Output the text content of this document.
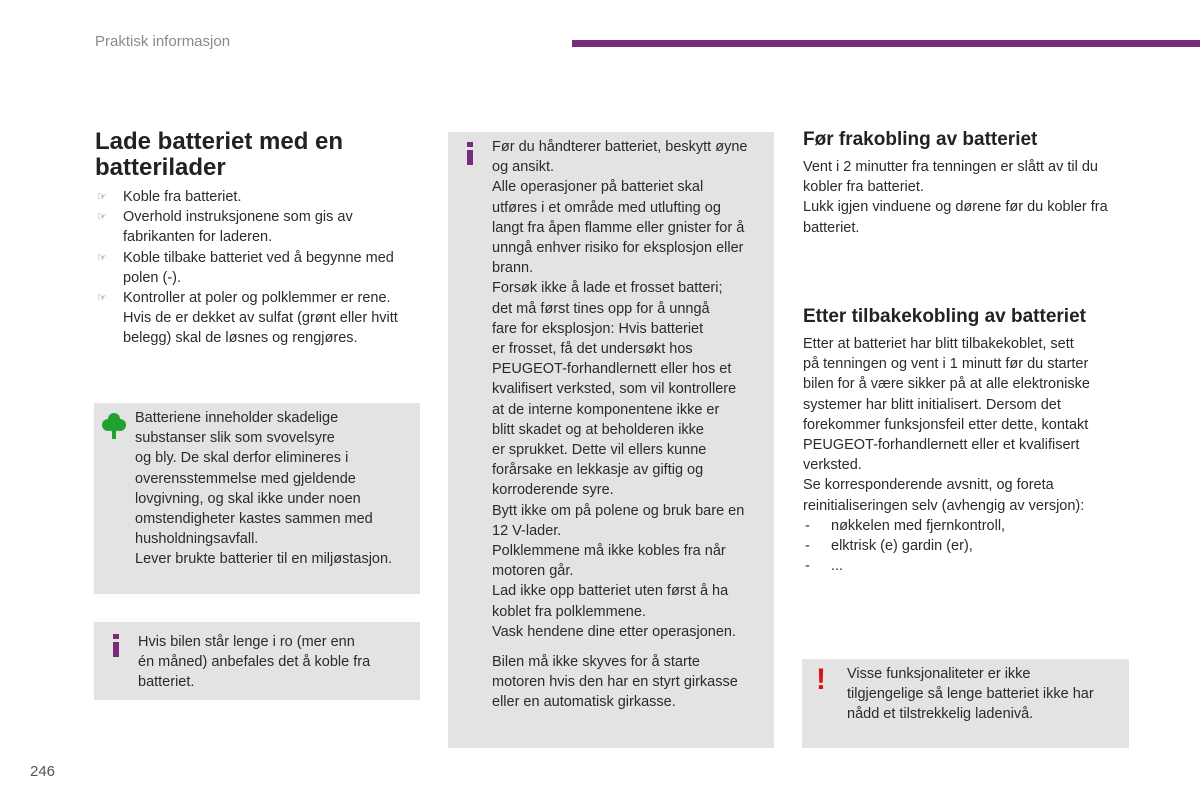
Praktisk informasjon
Lade batteriet med en
batterilader
☞ Koble fra batteriet.
☞ Overhold instruksjonene som gis av
fabrikanten for laderen.
☞ Koble tilbake batteriet ved å begynne med
polen (-).
☞ Kontroller at poler og polklemmer er rene.
Hvis de er dekket av sulfat (grønt eller hvitt
belegg) skal de løsnes og rengjøres.

Batteriene inneholder skadelige

substanser slik som svovelsyre

og bly. De skal derfor elimineres i

overensstemmelse med gjeldende

lovgivning, og skal ikke under noen

omstendigheter kastes sammen med

husholdningsavfall.

Lever brukte batterier til en miljøstasjon.

Hvis bilen står lenge i ro (mer enn

én måned) anbefales det å koble fra

batteriet.

Før du håndterer batteriet, beskytt øyne

og ansikt.

Alle operasjoner på batteriet skal

utføres i et område med utlufting og

langt fra åpen flamme eller gnister for å

unngå enhver risiko for eksplosjon eller

brann.

Forsøk ikke å lade et frosset batteri;

det må først tines opp for å unngå

fare for eksplosjon: Hvis batteriet

er frosset, få det undersøkt hos

PEUGEOT-forhandlernett eller hos et

kvalifisert verksted, som vil kontrollere

at de interne komponentene ikke er

blitt skadet og at beholderen ikke

er sprukket. Dette vil ellers kunne

forårsake en lekkasje av giftig og

korroderende syre.

Bytt ikke om på polene og bruk bare en

12 V-lader.

Polklemmene må ikke kobles fra når

motoren går.

Lad ikke opp batteriet uten først å ha

koblet fra polklemmene.

Vask hendene dine etter operasjonen.

Bilen må ikke skyves for å starte

motoren hvis den har en styrt girkasse

eller en automatisk girkasse.

Før frakobling av batteriet

Vent i 2 minutter fra tenningen er slått av til du

kobler fra batteriet.

Lukk igjen vinduene og dørene før du kobler fra

batteriet.

Etter tilbakekobling av batteriet

Etter at batteriet har blitt tilbakekoblet, sett

på tenningen og vent i 1 minutt før du starter

bilen for å være sikker på at alle elektroniske

systemer har blitt initialisert. Dersom det

forekommer funksjonsfeil etter dette, kontakt

PEUGEOT-forhandlernett eller et kvalifisert

verksted.

Se korresponderende avsnitt, og foreta

reinitialiseringen selv (avhengig av versjon):

- nøkkelen med fjernkontroll,
- elktrisk (e) gardin (er),
- ...
! Visse funksjonaliteter er ikke

tilgjengelige så lenge batteriet ikke har

nådd et tilstrekkelig ladenivå.

246
